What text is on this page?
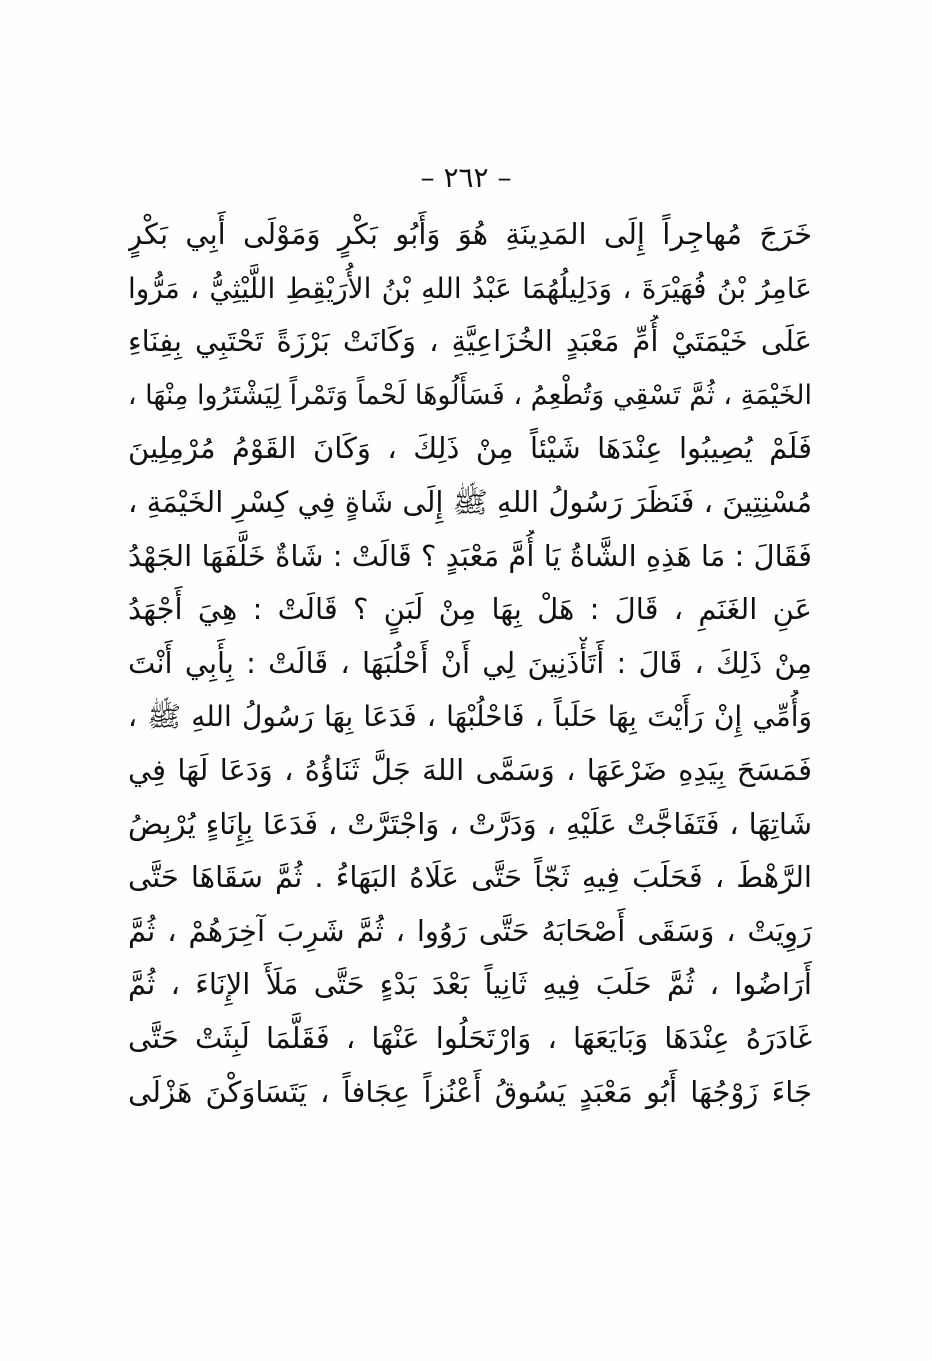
– ٢٦٢ –
خَرَجَ مُهاجِراً إِلَى المَدِينَةِ هُوَ وَأَبُو بَكْرٍ وَمَوْلَى أَبِي بَكْرٍ
عَامِرُ بْنُ فُهَيْرَةَ ، وَدَلِيلُهُمَا عَبْدُ اللهِ بْنُ الأُرَيْقِطِ اللَّيْثِيُّ ، مَرُّوا
عَلَى خَيْمَتَيْ أُمِّ مَعْبَدٍ الخُزَاعِيَّةِ ، وَكَانَتْ بَرْزَةً تَحْتَبِي بِفِنَاءِ
الخَيْمَةِ ، ثُمَّ تَسْقِي وَتُطْعِمُ ، فَسَأَلُوهَا لَحْماً وَتَمْراً لِيَشْتَرُوا مِنْهَا ،
فَلَمْ يُصِيبُوا عِنْدَهَا شَيْئاً مِنْ ذَلِكَ ، وَكَانَ القَوْمُ مُرْمِلِينَ
مُسْنِتِينَ ، فَنَظَرَ رَسُولُ اللهِ ﷺ إِلَى شَاةٍ فِي كِسْرِ الخَيْمَةِ ،
فَقَالَ : مَا هَذِهِ الشَّاةُ يَا أُمَّ مَعْبَدٍ ؟ قَالَتْ : شَاةٌ خَلَّفَهَا الجَهْدُ
عَنِ الغَنَمِ ، قَالَ : هَلْ بِهَا مِنْ لَبَنٍ ؟ قَالَتْ : هِيَ أَجْهَدُ
مِنْ ذَلِكَ ، قَالَ : أَتَأْذَنِينَ لِي أَنْ أَحْلُبَهَا ، قَالَتْ : بِأَبِي أَنْتَ
وَأُمِّي إِنْ رَأَيْتَ بِهَا حَلَباً ، فَاحْلُبْهَا ، فَدَعَا بِهَا رَسُولُ اللهِ ﷺ ،
فَمَسَحَ بِيَدِهِ ضَرْعَهَا ، وَسَمَّى اللهَ جَلَّ ثَنَاؤُهُ ، وَدَعَا لَهَا فِي
شَاتِهَا ، فَتَفَاجَّتْ عَلَيْهِ ، وَدَرَّتْ ، وَاجْتَرَّتْ ، فَدَعَا بِإِنَاءٍ يُرْبِضُ
الرَّهْطَ ، فَحَلَبَ فِيهِ ثَجّاً حَتَّى عَلَاهُ البَهَاءُ . ثُمَّ سَقَاهَا حَتَّى
رَوِيَتْ ، وَسَقَى أَصْحَابَهُ حَتَّى رَوُوا ، ثُمَّ شَرِبَ آخِرَهُمْ ، ثُمَّ
أَرَاضُوا ، ثُمَّ حَلَبَ فِيهِ ثَانِياً بَعْدَ بَدْءٍ حَتَّى مَلَأَ الإِنَاءَ ، ثُمَّ
غَادَرَهُ عِنْدَهَا وَبَايَعَهَا ، وَارْتَحَلُوا عَنْهَا ، فَقَلَّمَا لَبِثَتْ حَتَّى
جَاءَ زَوْجُهَا أَبُو مَعْبَدٍ يَسُوقُ أَعْنُزاً عِجَافاً ، يَتَسَاوَكْنَ هَزْلَى
